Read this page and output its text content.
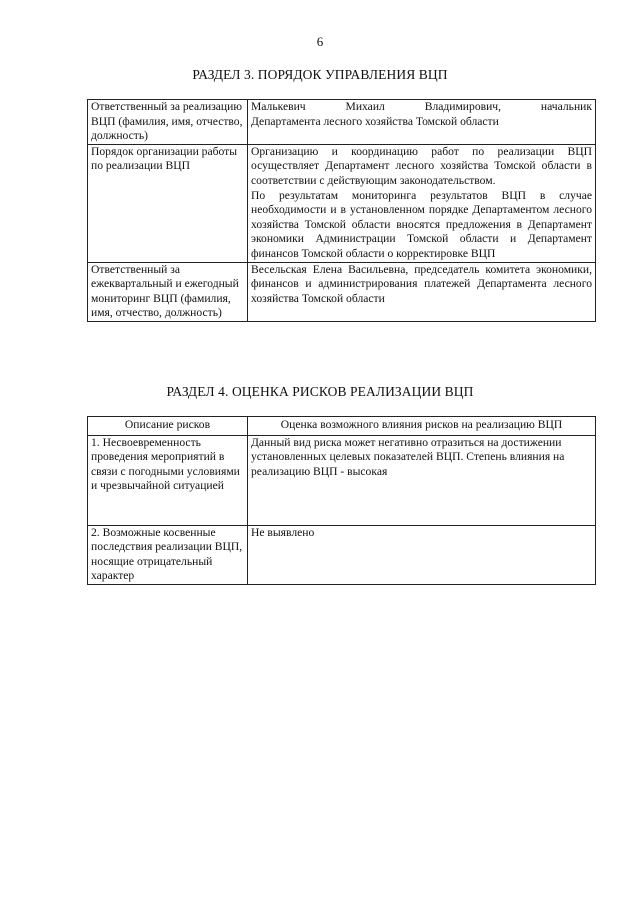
6
РАЗДЕЛ 3. ПОРЯДОК УПРАВЛЕНИЯ ВЦП
Ответственный за реализацию ВЦП (фамилия, имя, отчество, должность)	Малькевич Михаил Владимирович, начальник
Департамента лесного хозяйства Томской области

Порядок организации работы по реализации ВЦП	Организацию и координацию работ по реализации ВЦП осуществляет Департамент лесного хозяйства Томской области в соответствии с действующим законодательством.
По результатам мониторинга результатов ВЦП в случае необходимости и в установленном порядке Департаментом лесного хозяйства Томской области вносятся предложения в Департамент экономики Администрации Томской области и Департамент финансов Томской области о корректировке ВЦП

Ответственный за ежеквартальный и ежегодный мониторинг ВЦП (фамилия, имя, отчество, должность)	Весельская Елена Васильевна, председатель комитета экономики, финансов и администрирования платежей Департамента лесного хозяйства Томской области
РАЗДЕЛ 4. ОЦЕНКА РИСКОВ РЕАЛИЗАЦИИ ВЦП
Описание рисков	Оценка возможного влияния рисков на реализацию ВЦП
1. Несвоевременность проведения мероприятий в связи с погодными условиями и чрезвычайной ситуацией	Данный вид риска может негативно отразиться на достижении установленных целевых показателей ВЦП. Степень влияния на реализацию ВЦП - высокая
2. Возможные косвенные последствия реализации ВЦП, носящие отрицательный характер	Не выявлено
